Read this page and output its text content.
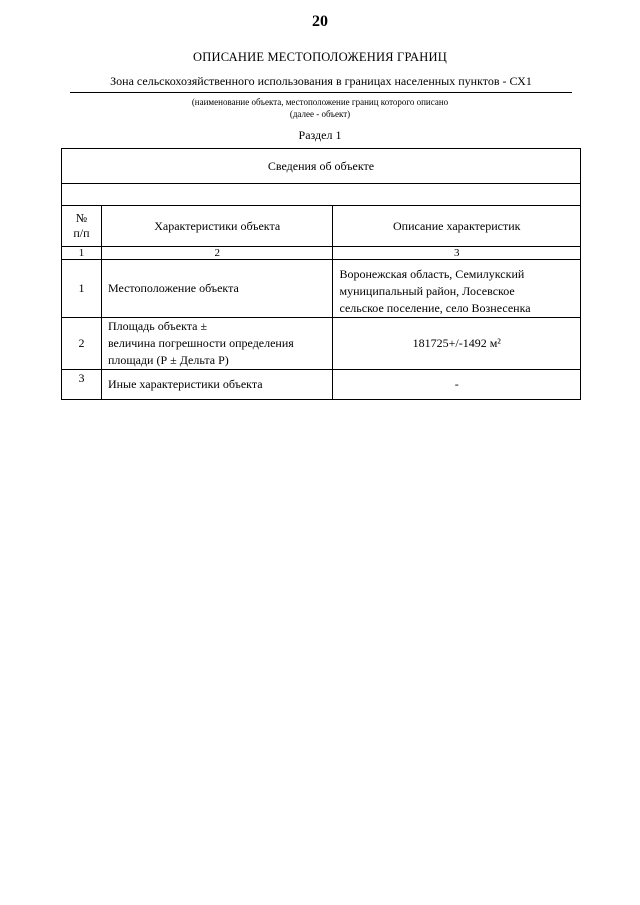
20
ОПИСАНИЕ МЕСТОПОЛОЖЕНИЯ ГРАНИЦ
Зона сельскохозяйственного использования в границах населенных пунктов - СХ1
(наименование объекта, местоположение границ которого описано
(далее - объект)
Раздел 1
Сведения об объекте		

№
п/п	Характеристики объекта	Описание характеристик
1	2	3
1	Местоположение объекта	Воронежская область, Семилукский
муниципальный район, Лосевское
сельское поселение, село Вознесенка

2	Площадь объекта ±
величина погрешности определения
площади (Р ± Дельта Р)	181725+/-1492 м²
3	Иные характеристики объекта	-
